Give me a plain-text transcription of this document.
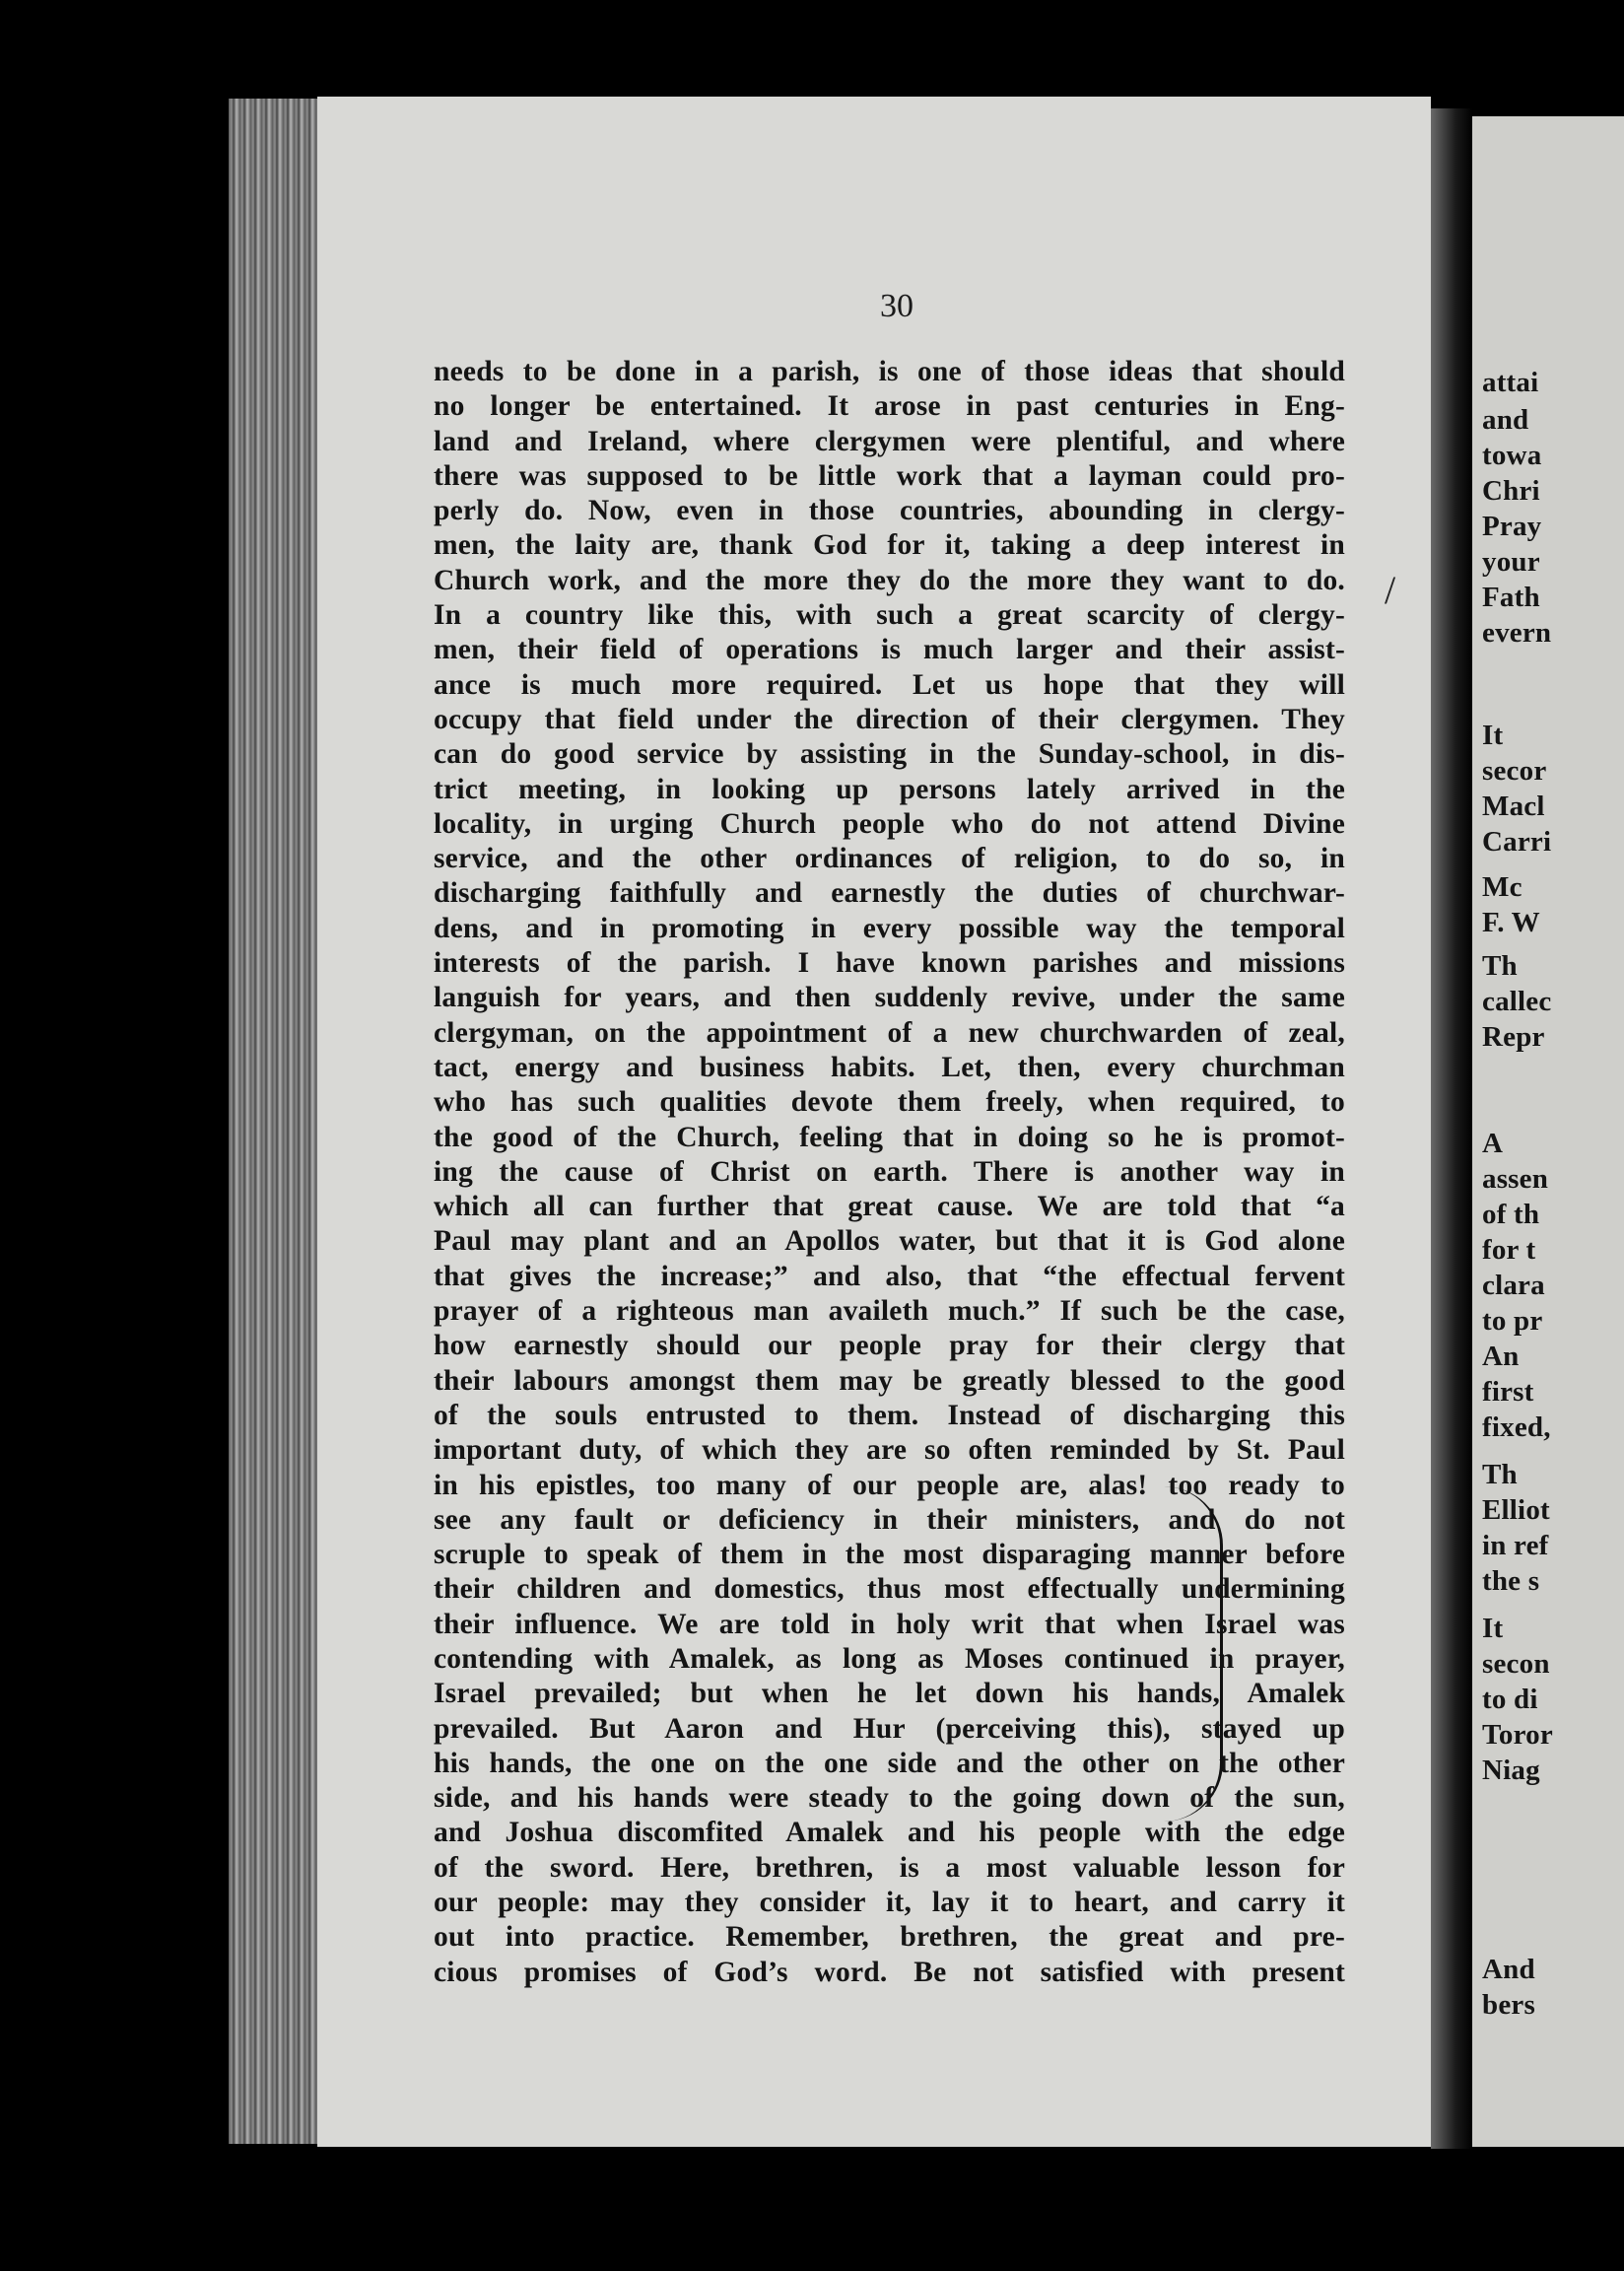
attai
and
towa
Chri
Pray
your
Fath
evern
It
secor
Macl
Carri
Mc
F. W
Th
callec
Repr
A
assen
of th
for t
clara
to pr
An
first
fixed,
Th
Elliot
in ref
the s
It
secon
to di
Toror
Niag
And
bers
30
needs to be done in a parish, is one of those ideas that should
no longer be entertained. It arose in past centuries in Eng-
land and Ireland, where clergymen were plentiful, and where
there was supposed to be little work that a layman could pro-
perly do. Now, even in those countries, abounding in clergy-
men, the laity are, thank God for it, taking a deep interest in
Church work, and the more they do the more they want to do.
In a country like this, with such a great scarcity of clergy-
men, their field of operations is much larger and their assist-
ance is much more required. Let us hope that they will
occupy that field under the direction of their clergymen. They
can do good service by assisting in the Sunday-school, in dis-
trict meeting, in looking up persons lately arrived in the
locality, in urging Church people who do not attend Divine
service, and the other ordinances of religion, to do so, in
discharging faithfully and earnestly the duties of churchwar-
dens, and in promoting in every possible way the temporal
interests of the parish. I have known parishes and missions
languish for years, and then suddenly revive, under the same
clergyman, on the appointment of a new churchwarden of zeal,
tact, energy and business habits. Let, then, every churchman
who has such qualities devote them freely, when required, to
the good of the Church, feeling that in doing so he is promot-
ing the cause of Christ on earth. There is another way in
which all can further that great cause. We are told that “a
Paul may plant and an Apollos water, but that it is God alone
that gives the increase;” and also, that “the effectual fervent
prayer of a righteous man availeth much.” If such be the case,
how earnestly should our people pray for their clergy that
their labours amongst them may be greatly blessed to the good
of the souls entrusted to them. Instead of discharging this
important duty, of which they are so often reminded by St. Paul
in his epistles, too many of our people are, alas! too ready to
see any fault or deficiency in their ministers, and do not
scruple to speak of them in the most disparaging manner before
their children and domestics, thus most effectually undermining
their influence. We are told in holy writ that when Israel was
contending with Amalek, as long as Moses continued in prayer,
Israel prevailed; but when he let down his hands, Amalek
prevailed. But Aaron and Hur (perceiving this), stayed up
his hands, the one on the one side and the other on the other
side, and his hands were steady to the going down of the sun,
and Joshua discomfited Amalek and his people with the edge
of the sword. Here, brethren, is a most valuable lesson for
our people: may they consider it, lay it to heart, and carry it
out into practice. Remember, brethren, the great and pre-
cious promises of God’s word. Be not satisfied with present
/
